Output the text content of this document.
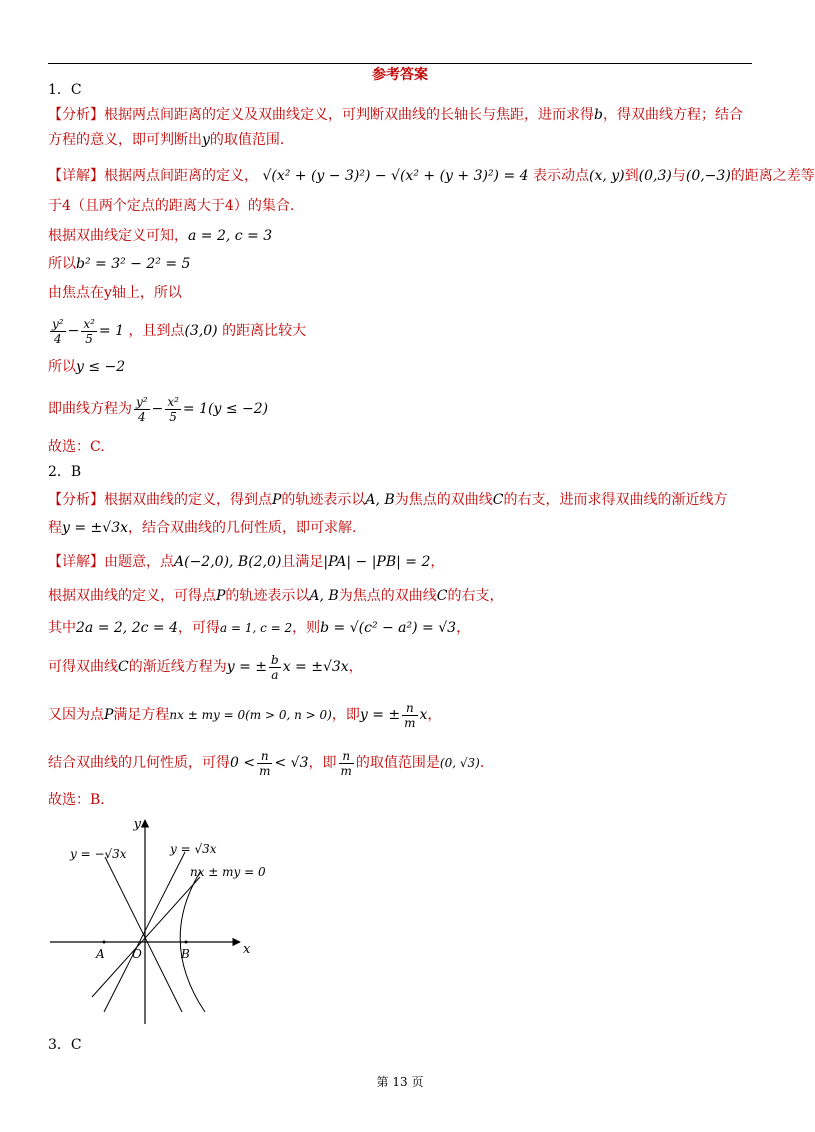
参考答案
1．C
【分析】根据两点间距离的定义及双曲线定义，可判断双曲线的长轴长与焦距，进而求得b，得双曲线方程；结合
方程的意义，即可判断出y的取值范围.
【详解】根据两点间距离的定义， √(x² + (y − 3)²) − √(x² + (y + 3)²) = 4 表示动点(x, y)到(0,3)与(0,−3)的距离之差等
于4（且两个定点的距离大于4）的集合.
根据双曲线定义可知，a = 2, c = 3
所以b² = 3² − 2² = 5
由焦点在y轴上，所以
$\frac{\text{y²}}{4} - \frac{\text{x²}}{5} = 1$ ，且到点(3,0) 的距离比较大
所以y ≤ −2
即曲线方程为 $\frac{\text{y²}}{4} - \frac{\text{x²}}{5} = 1(y \le -2)$
故选：C.
2．B
【分析】根据双曲线的定义，得到点P的轨迹表示以A, B为焦点的双曲线C的右支，进而求得双曲线的渐近线方
程y = ±√3x，结合双曲线的几何性质，即可求解.
【详解】由题意，点A(−2,0), B(2,0)且满足|PA| − |PB| = 2，
根据双曲线的定义，可得点P的轨迹表示以A, B为焦点的双曲线C的右支，
其中2a = 2, 2c = 4，可得a = 1, c = 2，则b = √(c² − a²) = √3，
可得双曲线C的渐近线方程为y = ± $\frac{b}{a}$ x = ±√3x，
又因为点P满足方程nx ± my = 0(m > 0, n > 0)，即y = ± $\frac{n}{m}$ x，
结合双曲线的几何性质，可得$0 < \frac{n}{m} < √3$，即 $\frac{n}{m}$ 的取值范围是(0, √3).
故选：B.
y
x
y = −√3x	y = √3x
nx ± my = 0
O
A	B
3．C
第 13 页
